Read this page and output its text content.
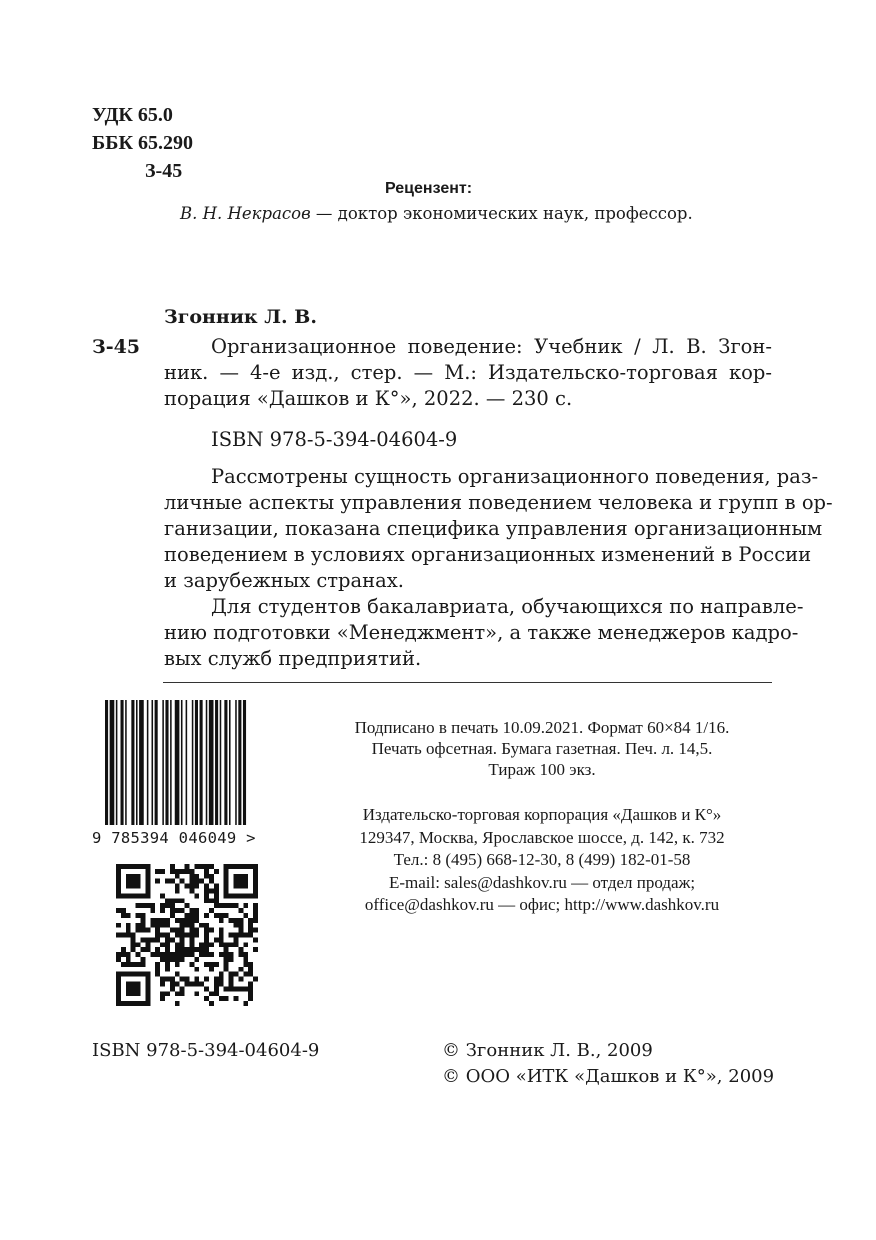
УДК 65.0
ББК 65.290
З-45
Рецензент:
В. Н. Некрасов — доктор экономических наук, профессор.
Згонник Л. В.
З-45	Организационное поведение: Учебник / Л. В. Згон-
ник. — 4-е изд., стер. — М.: Издательско-торговая кор-
порация «Дашков и К°», 2022. — 230 с.
ISBN 978-5-394-04604-9
Рассмотрены сущность организационного поведения, раз-
личные аспекты управления поведением человека и групп в ор-
ганизации, показана специфика управления организационным
поведением в условиях организационных изменений в России
и зарубежных странах.
Для студентов бакалавриата, обучающихся по направле-
нию подготовки «Менеджмент», а также менеджеров кадро-
вых служб предприятий.
9 785394 046049 >
Подписано в печать 10.09.2021. Формат 60×84 1/16.
Печать офсетная. Бумага газетная. Печ. л. 14,5.
Тираж 100 экз.
Издательско-торговая корпорация «Дашков и К°»
129347, Москва, Ярославское шоссе, д. 142, к. 732
Тел.: 8 (495) 668-12-30, 8 (499) 182-01-58
E-mail: sales@dashkov.ru — отдел продаж;
office@dashkov.ru — офис; http://www.dashkov.ru
ISBN 978-5-394-04604-9	© Згонник Л. В., 2009
© ООО «ИТК «Дашков и К°», 2009
